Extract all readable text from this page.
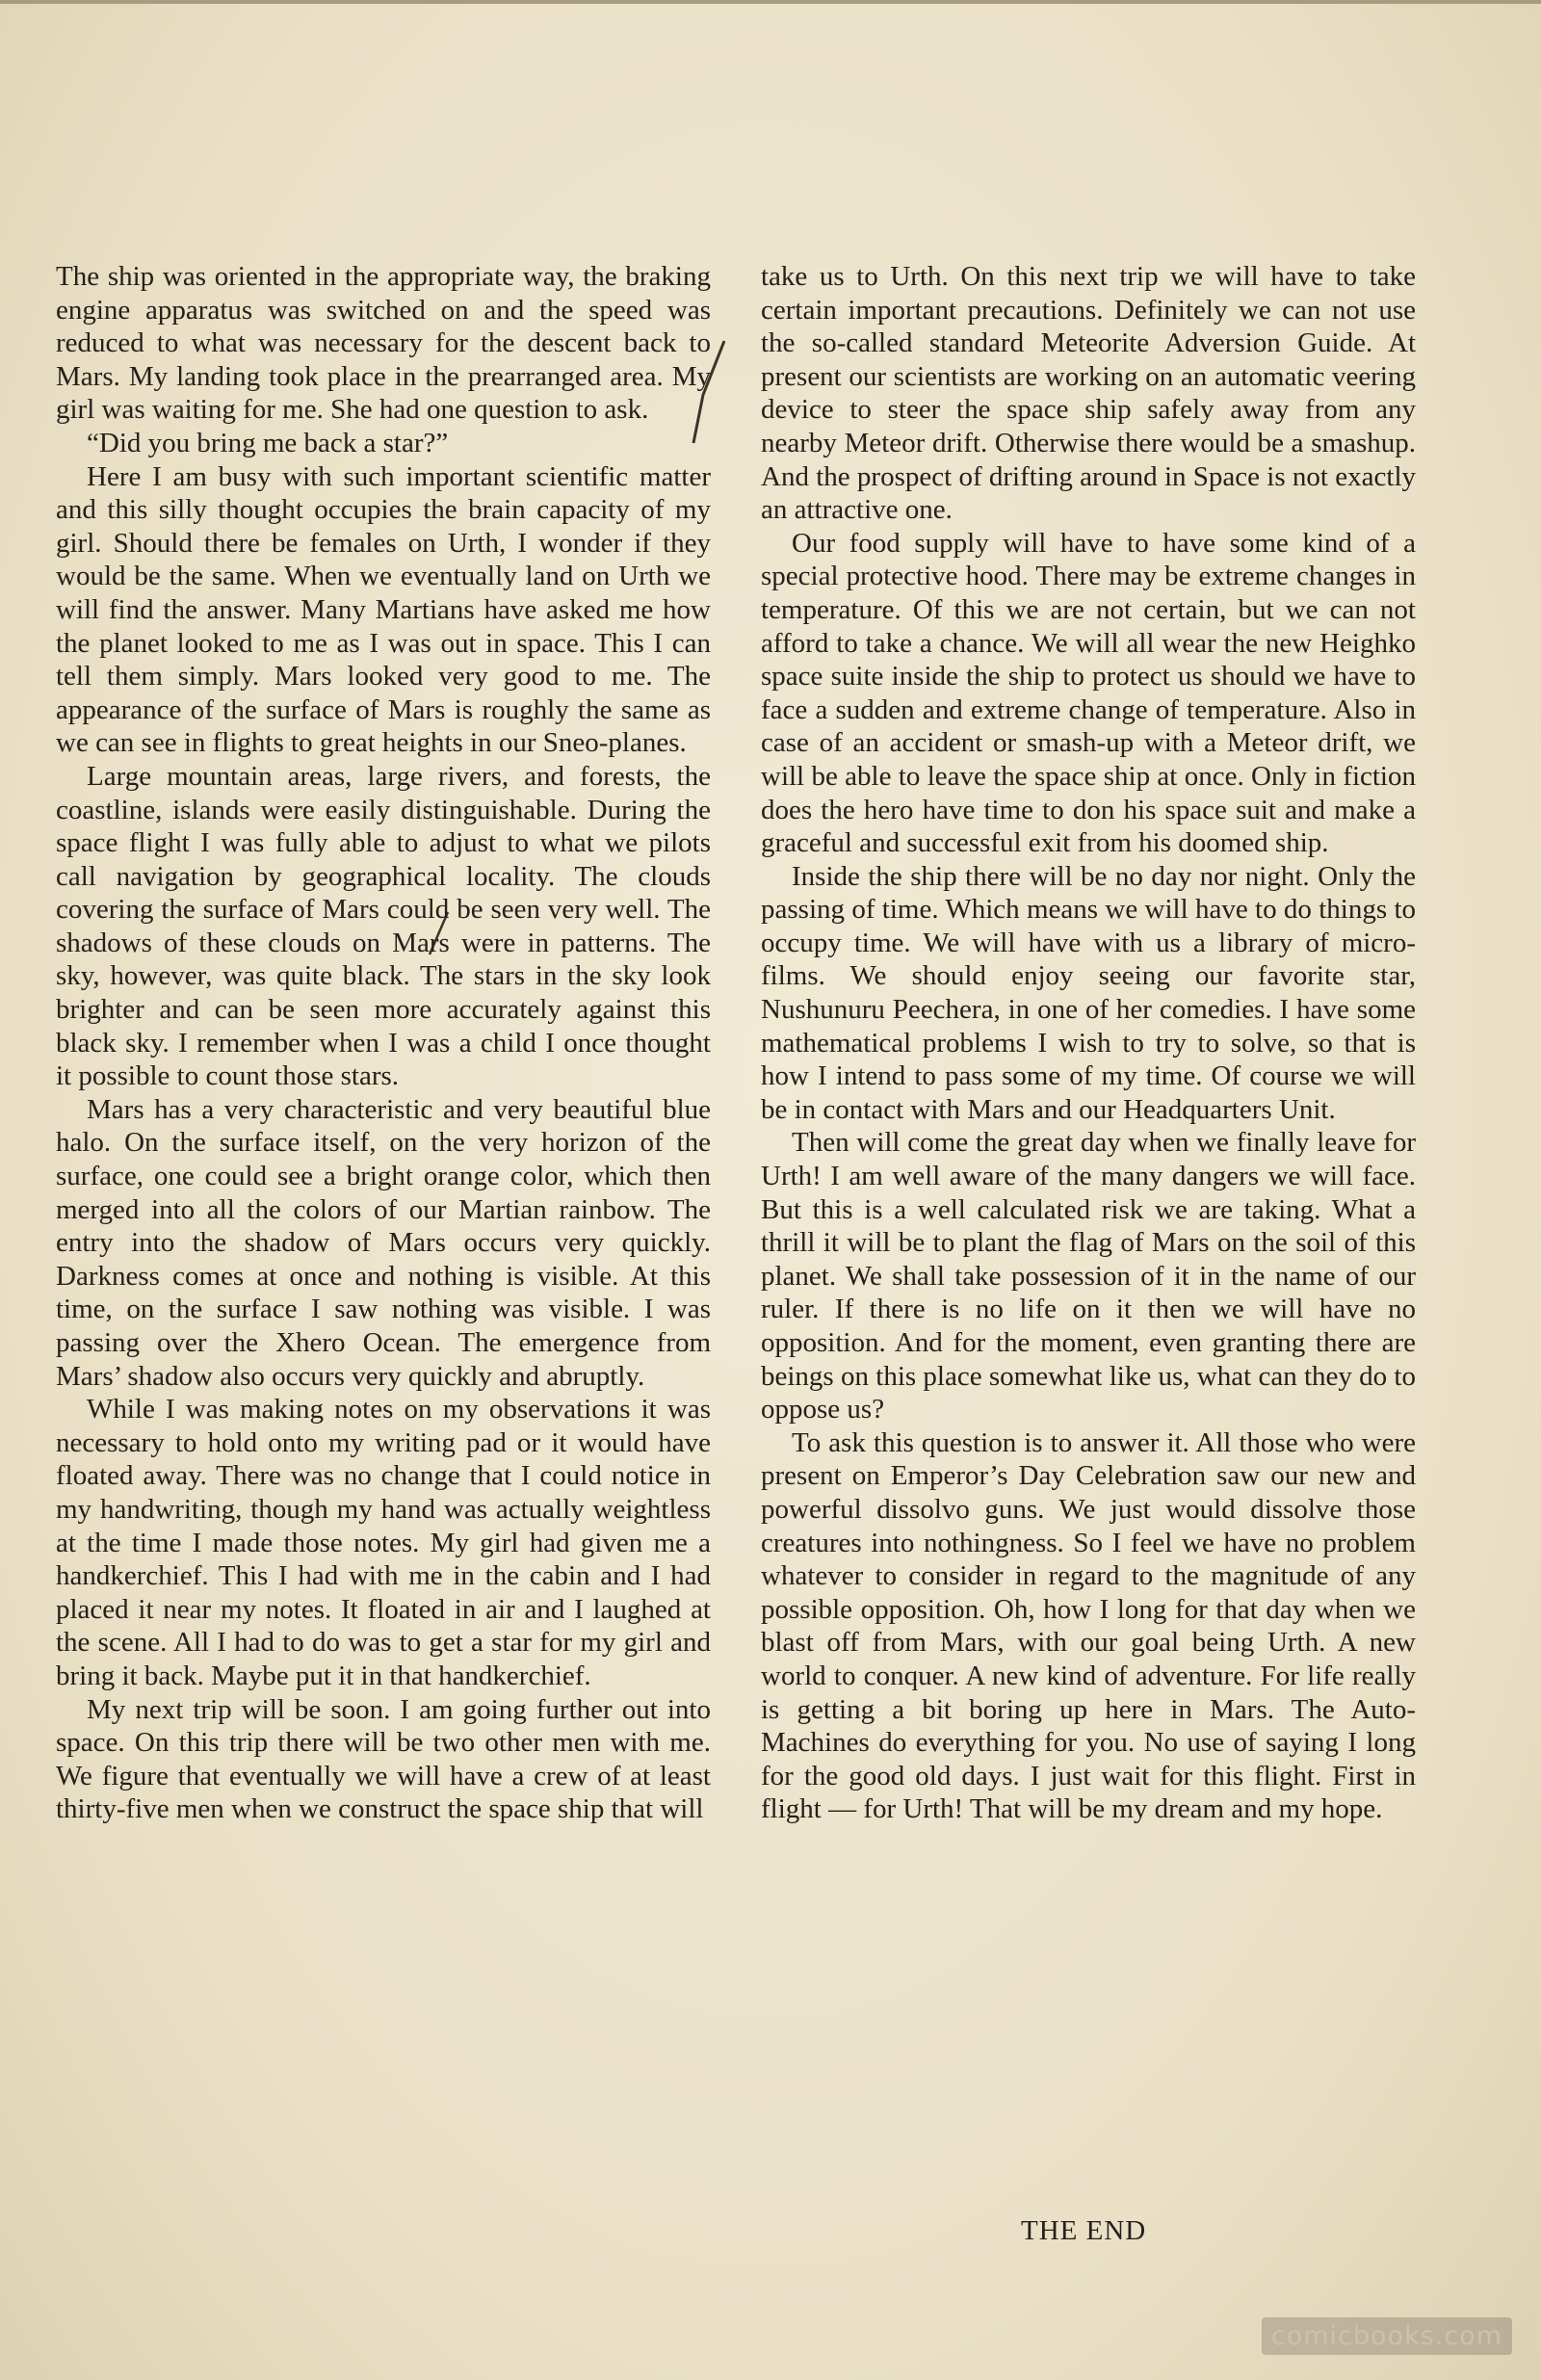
The ship was oriented in the appropriate way, the braking engine apparatus was switched on and the speed was reduced to what was necessary for the descent back to Mars. My landing took place in the prearranged area. My girl was waiting for me. She had one question to ask.

“Did you bring me back a star?”

Here I am busy with such important scientific matter and this silly thought occupies the brain capacity of my girl. Should there be females on Urth, I wonder if they would be the same. When we eventually land on Urth we will find the answer. Many Martians have asked me how the planet looked to me as I was out in space. This I can tell them simply. Mars looked very good to me. The appearance of the surface of Mars is roughly the same as we can see in flights to great heights in our Sneo-planes.

Large mountain areas, large rivers, and forests, the coastline, islands were easily distinguishable. During the space flight I was fully able to adjust to what we pilots call navigation by geographical locality. The clouds covering the surface of Mars could be seen very well. The shadows of these clouds on Mars were in patterns. The sky, however, was quite black. The stars in the sky look brighter and can be seen more accurately against this black sky. I remember when I was a child I once thought it possible to count those stars.

Mars has a very characteristic and very beautiful blue halo. On the surface itself, on the very horizon of the surface, one could see a bright orange color, which then merged into all the colors of our Martian rainbow. The entry into the shadow of Mars occurs very quickly. Darkness comes at once and nothing is visible. At this time, on the surface I saw nothing was visible. I was passing over the Xhero Ocean. The emergence from Mars’ shadow also occurs very quickly and abruptly.

While I was making notes on my observations it was necessary to hold onto my writing pad or it would have floated away. There was no change that I could notice in my handwriting, though my hand was actually weightless at the time I made those notes. My girl had given me a handkerchief. This I had with me in the cabin and I had placed it near my notes. It floated in air and I laughed at the scene. All I had to do was to get a star for my girl and bring it back. Maybe put it in that handkerchief.

My next trip will be soon. I am going further out into space. On this trip there will be two other men with me. We figure that eventually we will have a crew of at least thirty-five men when we construct the space ship that will

take us to Urth. On this next trip we will have to take certain important precautions. Definitely we can not use the so-called standard Meteorite Adversion Guide. At present our scientists are working on an automatic veering device to steer the space ship safely away from any nearby Meteor drift. Otherwise there would be a smashup. And the prospect of drifting around in Space is not exactly an attractive one.

Our food supply will have to have some kind of a special protective hood. There may be extreme changes in temperature. Of this we are not certain, but we can not afford to take a chance. We will all wear the new Heighko space suite inside the ship to protect us should we have to face a sudden and extreme change of temperature. Also in case of an accident or smash-up with a Meteor drift, we will be able to leave the space ship at once. Only in fiction does the hero have time to don his space suit and make a graceful and successful exit from his doomed ship.

Inside the ship there will be no day nor night. Only the passing of time. Which means we will have to do things to occupy time. We will have with us a library of micro-films. We should enjoy seeing our favorite star, Nushunuru Peechera, in one of her comedies. I have some mathematical problems I wish to try to solve, so that is how I intend to pass some of my time. Of course we will be in contact with Mars and our Headquarters Unit.

Then will come the great day when we finally leave for Urth! I am well aware of the many dangers we will face. But this is a well calculated risk we are taking. What a thrill it will be to plant the flag of Mars on the soil of this planet. We shall take possession of it in the name of our ruler. If there is no life on it then we will have no opposition. And for the moment, even granting there are beings on this place somewhat like us, what can they do to oppose us?

To ask this question is to answer it. All those who were present on Emperor’s Day Celebration saw our new and powerful dissolvo guns. We just would dissolve those creatures into nothingness. So I feel we have no problem whatever to consider in regard to the magnitude of any possible opposition. Oh, how I long for that day when we blast off from Mars, with our goal being Urth. A new world to conquer. A new kind of adventure. For life really is getting a bit boring up here in Mars. The Auto-Machines do everything for you. No use of saying I long for the good old days. I just wait for this flight. First in flight — for Urth! That will be my dream and my hope.

THE END
comicbooks.com
